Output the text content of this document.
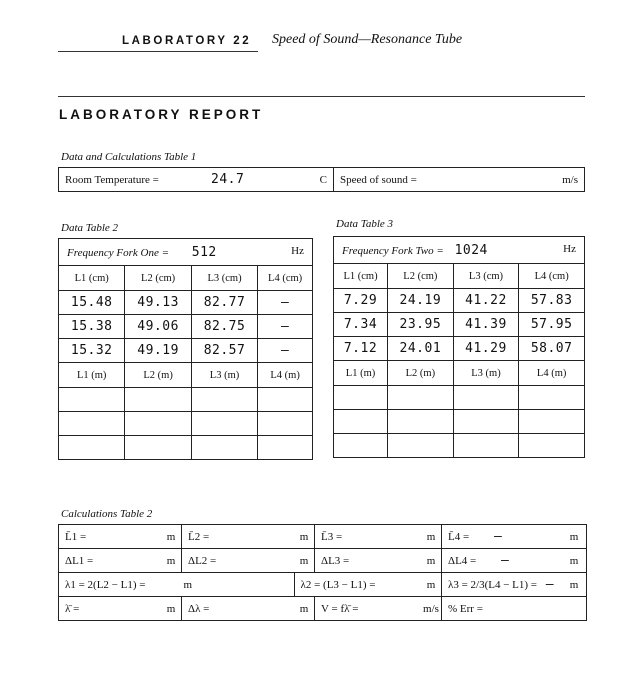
LABORATORY 22 Speed of Sound—Resonance Tube
LABORATORY REPORT
Data and Calculations Table 1
Room Temperature =	24.7	C	Speed of sound =	m/s
Data Table 2
Frequency Fork One = 512 Hz			

L1 (cm)	L2 (cm)	L3 (cm)	L4 (cm)
15.48	49.13	82.77	—
15.38	49.06	82.75	—
15.32	49.19	82.57	—
L1 (m)	L2 (m)	L3 (m)	L4 (m)

Data Table 3
Frequency Fork Two = 1024 Hz			

L1 (cm)	L2 (cm)	L3 (cm)	L4 (cm)
7.29	24.19	41.22	57.83
7.34	23.95	41.39	57.95
7.12	24.01	41.29	58.07
L1 (m)	L2 (m)	L3 (m)	L4 (m)

Calculations Table 2
L̄1 =	m	L̄2 =	m	L̄3 =	m	L̄4 = —	m
ΔL1 =	m	ΔL2 =	m	ΔL3 =	m	ΔL4 = —	m

λ1 = 2(L2 − L1) =		m	λ2 = (L3 − L1) =		m	λ3 = 2/3(L4 − L1) = —	m
λ̄ =	m	Δλ =	m	V = fλ̄ =	m/s	% Err =	
